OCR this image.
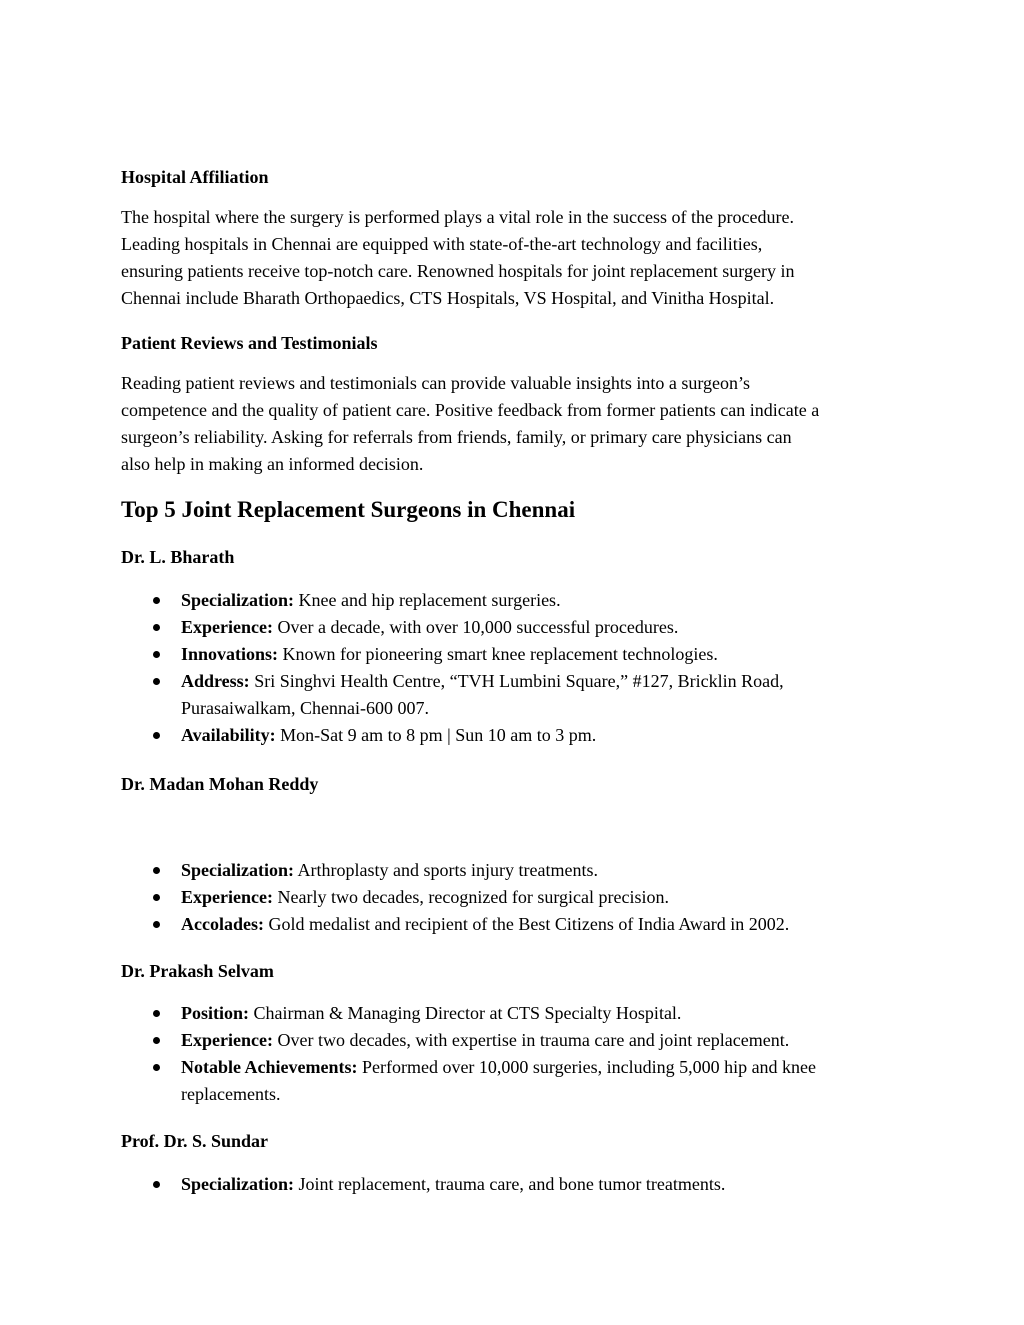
Hospital Affiliation
The hospital where the surgery is performed plays a vital role in the success of the procedure.
Leading hospitals in Chennai are equipped with state-of-the-art technology and facilities,
ensuring patients receive top-notch care. Renowned hospitals for joint replacement surgery in
Chennai include Bharath Orthopaedics, CTS Hospitals, VS Hospital, and Vinitha Hospital.
Patient Reviews and Testimonials
Reading patient reviews and testimonials can provide valuable insights into a surgeon’s
competence and the quality of patient care. Positive feedback from former patients can indicate a
surgeon’s reliability. Asking for referrals from friends, family, or primary care physicians can
also help in making an informed decision.
Top 5 Joint Replacement Surgeons in Chennai
Dr. L. Bharath
Specialization: Knee and hip replacement surgeries.
Experience: Over a decade, with over 10,000 successful procedures.
Innovations: Known for pioneering smart knee replacement technologies.
Address: Sri Singhvi Health Centre, “TVH Lumbini Square,” #127, Bricklin Road,
Purasaiwalkam, Chennai-600 007.
Availability: Mon-Sat 9 am to 8 pm | Sun 10 am to 3 pm.
Dr. Madan Mohan Reddy
Specialization: Arthroplasty and sports injury treatments.
Experience: Nearly two decades, recognized for surgical precision.
Accolades: Gold medalist and recipient of the Best Citizens of India Award in 2002.
Dr. Prakash Selvam
Position: Chairman & Managing Director at CTS Specialty Hospital.
Experience: Over two decades, with expertise in trauma care and joint replacement.
Notable Achievements: Performed over 10,000 surgeries, including 5,000 hip and knee
replacements.
Prof. Dr. S. Sundar
Specialization: Joint replacement, trauma care, and bone tumor treatments.
